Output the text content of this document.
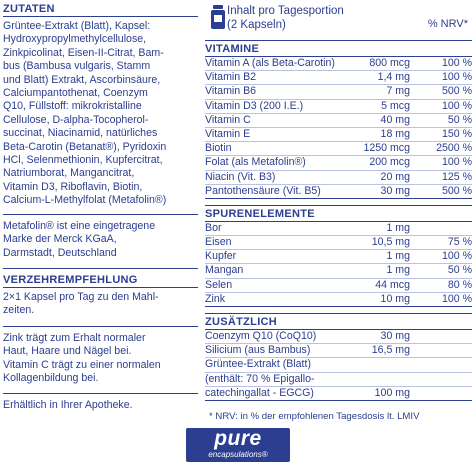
ZUTATEN

Grüntee-Extrakt (Blatt), Kapsel:
Hydroxypropylmethylcellulose,
Zinkpicolinat, Eisen-II-Citrat, Bam-
bus (Bambusa vulgaris, Stamm
und Blatt) Extrakt, Ascorbinsäure,
Calciumpantothenat, Coenzym
Q10, Füllstoff: mikrokristalline
Cellulose, D-alpha-Tocopherol-
succinat, Niacinamid, natürliches
Beta-Carotin (Betanat®), Pyridoxin
HCl, Selenmethionin, Kupfercitrat,
Natriumborat, Mangancitrat,
Vitamin D3, Riboflavin, Biotin,
Calcium-L-Methylfolat (Metafolin®)

Metafolin® ist eine eingetragene
Marke der Merck KGaA,
Darmstadt, Deutschland

VERZEHREMPFEHLUNG

2×1 Kapsel pro Tag zu den Mahl-
zeiten.

Zink trägt zum Erhalt normaler
Haut, Haare und Nägel bei.
Vitamin C trägt zu einer normalen
Kollagenbildung bei.

Erhältlich in Ihrer Apotheke.

Inhalt pro Tagesportion
(2 Kapseln)	% NRV*
VITAMINE
Vitamin A (als Beta-Carotin)	800 mcg	100 %
Vitamin B2	1,4 mg	100 %
Vitamin B6	7 mg	500 %
Vitamin D3 (200 I.E.)	5 mcg	100 %
Vitamin C	40 mg	50 %
Vitamin E	18 mg	150 %
Biotin	1250 mcg	2500 %
Folat (als Metafolin®)	200 mcg	100 %
Niacin (Vit. B3)	20 mg	125 %
Pantothensäure (Vit. B5)	30 mg	500 %
SPURENELEMENTE
Bor	1 mg
Eisen	10,5 mg	75 %
Kupfer	1 mg	100 %
Mangan	1 mg	50 %
Selen	44 mcg	80 %
Zink	10 mg	100 %
ZUSÄTZLICH
Coenzym Q10 (CoQ10)	30 mg
Silicium (aus Bambus)	16,5 mg
Grüntee-Extrakt (Blatt)
(enthält: 70 % Epigallo-
catechingallat - EGCG)	100 mg
* NRV: in % der empfohlenen Tagesdosis lt. LMIV
pure
encapsulations®
